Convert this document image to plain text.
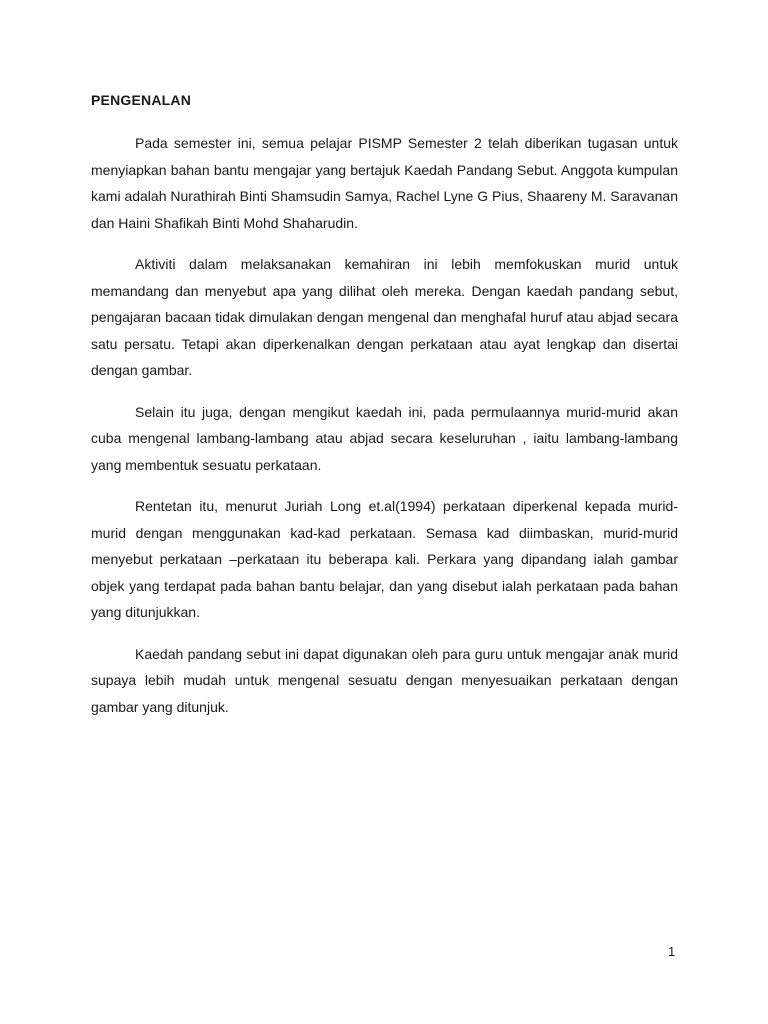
PENGENALAN

Pada semester ini, semua pelajar PISMP Semester 2 telah diberikan tugasan untuk menyiapkan bahan bantu mengajar yang bertajuk Kaedah Pandang Sebut. Anggota kumpulan kami adalah Nurathirah Binti Shamsudin Samya, Rachel Lyne G Pius, Shaareny M. Saravanan dan Haini Shafikah Binti Mohd Shaharudin.

Aktiviti dalam melaksanakan kemahiran ini lebih memfokuskan murid untuk memandang dan menyebut apa yang dilihat oleh mereka. Dengan kaedah pandang sebut, pengajaran bacaan tidak dimulakan dengan mengenal dan menghafal huruf atau abjad secara satu persatu. Tetapi akan diperkenalkan dengan perkataan atau ayat lengkap dan disertai dengan gambar.

Selain itu juga, dengan mengikut kaedah ini, pada permulaannya murid-murid akan cuba mengenal lambang-lambang atau abjad secara keseluruhan , iaitu lambang-lambang yang membentuk sesuatu perkataan.

Rentetan itu, menurut Juriah Long et.al(1994) perkataan diperkenal kepada murid-murid dengan menggunakan kad-kad perkataan. Semasa kad diimbaskan, murid-murid menyebut perkataan –perkataan itu beberapa kali. Perkara yang dipandang ialah gambar objek yang terdapat pada bahan bantu belajar, dan yang disebut ialah perkataan pada bahan yang ditunjukkan.

Kaedah pandang sebut ini dapat digunakan oleh para guru untuk mengajar anak murid supaya lebih mudah untuk mengenal sesuatu dengan menyesuaikan perkataan dengan gambar yang ditunjuk.

1
